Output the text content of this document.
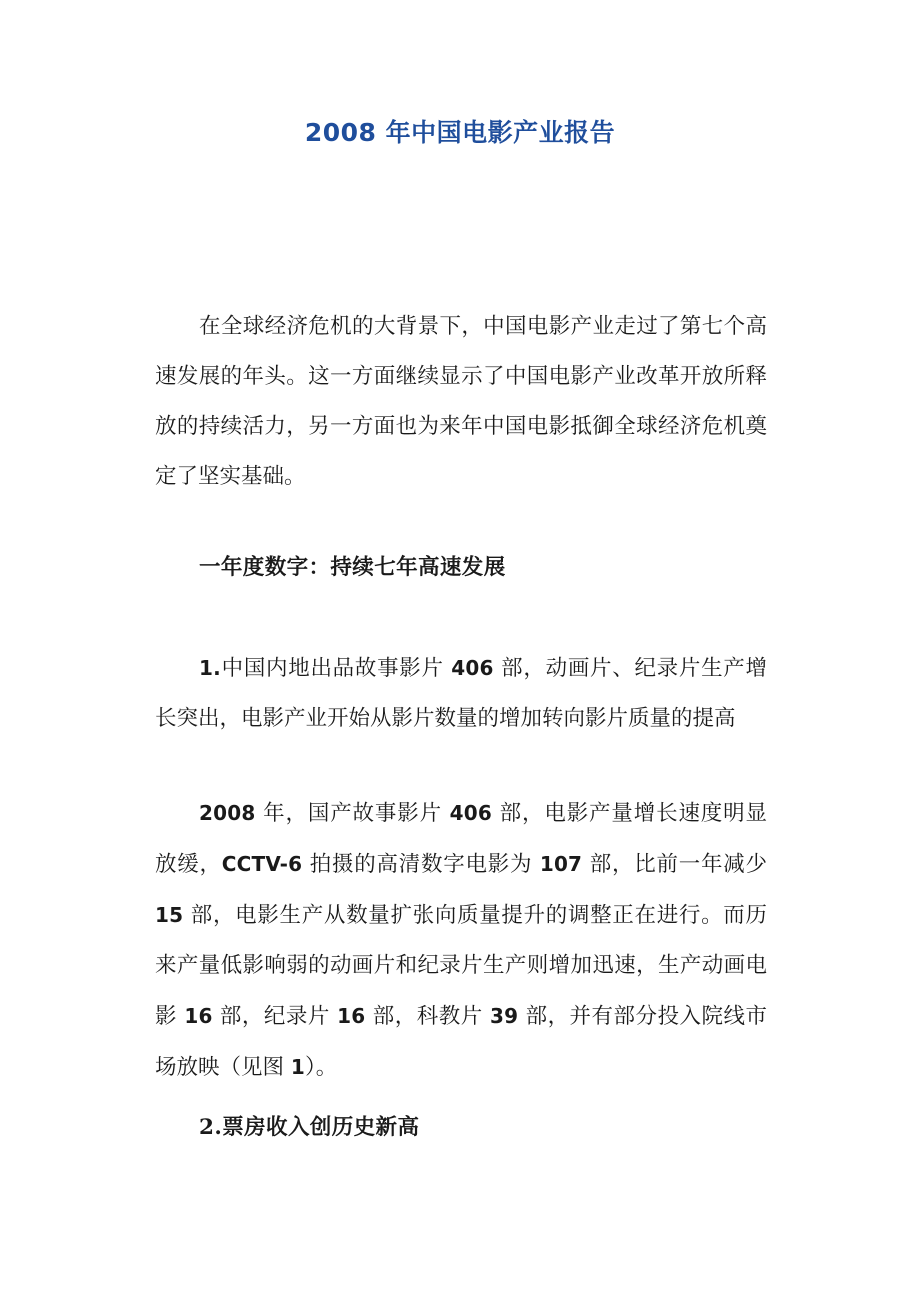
2008 年中国电影产业报告

在全球经济危机的大背景下，中国电影产业走过了第七个高速发展的年头。这一方面继续显示了中国电影产业改革开放所释放的持续活力，另一方面也为来年中国电影抵御全球经济危机奠定了坚实基础。

一年度数字：持续七年高速发展

1.中国内地出品故事影片 406 部，动画片、纪录片生产增长突出，电影产业开始从影片数量的增加转向影片质量的提高

2008 年，国产故事影片 406 部，电影产量增长速度明显放缓，CCTV-6 拍摄的高清数字电影为 107 部，比前一年减少 15 部，电影生产从数量扩张向质量提升的调整正在进行。而历来产量低影响弱的动画片和纪录片生产则增加迅速，生产动画电影 16 部，纪录片 16 部，科教片 39 部，并有部分投入院线市场放映（见图 1）。

2.票房收入创历史新高
